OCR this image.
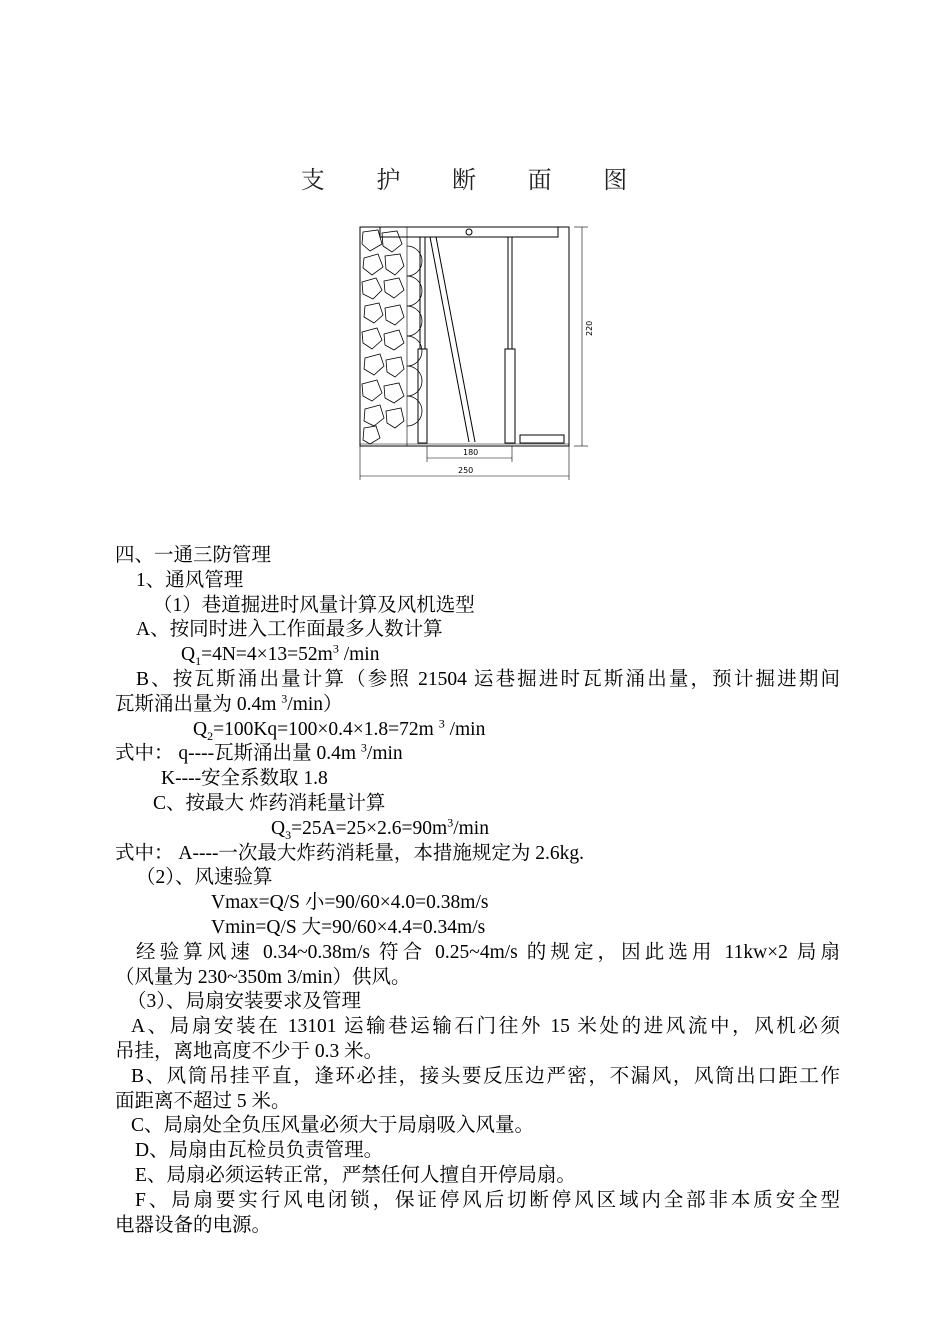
支 护 断 面 图
220
180
250
四、一通三防管理
1、通风管理
（1）巷道掘进时风量计算及风机选型
A、按同时进入工作面最多人数计算
$Q_1=4N=4\times 13=52m^3$ /min
B、按瓦斯涌出量计算（参照 21504 运巷掘进时瓦斯涌出量，预计掘进期间
瓦斯涌出量为 0.4m $^3$/min）
$Q_2=100Kq=100\times 0.4\times 1.8=72m$ $^3$ /min
式中： q----瓦斯涌出量 0.4m $^3$/min
K----安全系数取 1.8
C、按最大 炸药消耗量计算
$Q_3=25A=25\times 2.6=90m^3/\min$
式中： A----一次最大炸药消耗量，本措施规定为 2.6kg.
（2）、风速验算
Vmax=Q/S 小=90/60×4.0=0.38m/s
Vmin=Q/S 大=90/60×4.4=0.34m/s
经验算风速 0.34~0.38m/s 符合 0.25~4m/s 的规定，因此选用 11kw×2 局扇
（风量为 230~350m 3/min）供风。
（3）、局扇安装要求及管理
A、局扇安装在 13101 运输巷运输石门往外 15 米处的进风流中，风机必须
吊挂，离地高度不少于 0.3 米。
B、风筒吊挂平直，逢环必挂，接头要反压边严密，不漏风，风筒出口距工作
面距离不超过 5 米。
C、局扇处全负压风量必须大于局扇吸入风量。
D、局扇由瓦检员负责管理。
E、局扇必须运转正常，严禁任何人擅自开停局扇。
F、局扇要实行风电闭锁，保证停风后切断停风区域内全部非本质安全型
电器设备的电源。
